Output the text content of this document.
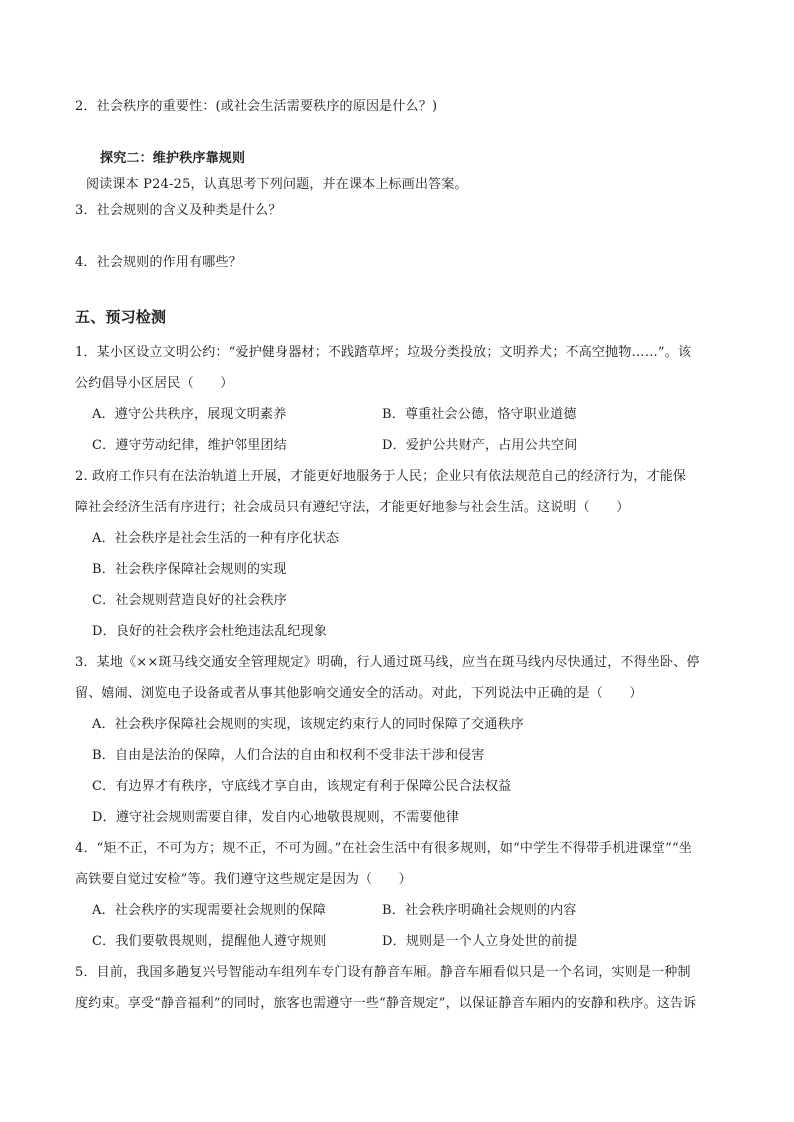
2．社会秩序的重要性：(或社会生活需要秩序的原因是什么？)
探究二：维护秩序靠规则
阅读课本 P24-25，认真思考下列问题，并在课本上标画出答案。
3．社会规则的含义及种类是什么？
4．社会规则的作用有哪些？
五、预习检测
1．某小区设立文明公约：“爱护健身器材；不践踏草坪；垃圾分类投放；文明养犬；不高空抛物……”。该
公约倡导小区居民（　　）
A．遵守公共秩序，展现文明素养	B．尊重社会公德，恪守职业道德
C．遵守劳动纪律，维护邻里团结	D．爱护公共财产，占用公共空间
2. 政府工作只有在法治轨道上开展，才能更好地服务于人民；企业只有依法规范自己的经济行为，才能保
障社会经济生活有序进行；社会成员只有遵纪守法，才能更好地参与社会生活。这说明（　　）
A．社会秩序是社会生活的一种有序化状态
B．社会秩序保障社会规则的实现
C．社会规则营造良好的社会秩序
D．良好的社会秩序会杜绝违法乱纪现象
3．某地《××斑马线交通安全管理规定》明确，行人通过斑马线，应当在斑马线内尽快通过，不得坐卧、停
留、嬉闹、浏览电子设备或者从事其他影响交通安全的活动。对此，下列说法中正确的是（　　）
A．社会秩序保障社会规则的实现，该规定约束行人的同时保障了交通秩序
B．自由是法治的保障，人们合法的自由和权利不受非法干涉和侵害
C．有边界才有秩序，守底线才享自由，该规定有利于保障公民合法权益
D．遵守社会规则需要自律，发自内心地敬畏规则，不需要他律
4．“矩不正，不可为方；规不正，不可为圆。”在社会生活中有很多规则，如“中学生不得带手机进课堂”“坐
高铁要自觉过安检”等。我们遵守这些规定是因为（　　）
A．社会秩序的实现需要社会规则的保障	B．社会秩序明确社会规则的内容
C．我们要敬畏规则，提醒他人遵守规则	D．规则是一个人立身处世的前提
5．目前，我国多趟复兴号智能动车组列车专门设有静音车厢。静音车厢看似只是一个名词，实则是一种制
度约束。享受“静音福利”的同时，旅客也需遵守一些“静音规定”，以保证静音车厢内的安静和秩序。这告诉
